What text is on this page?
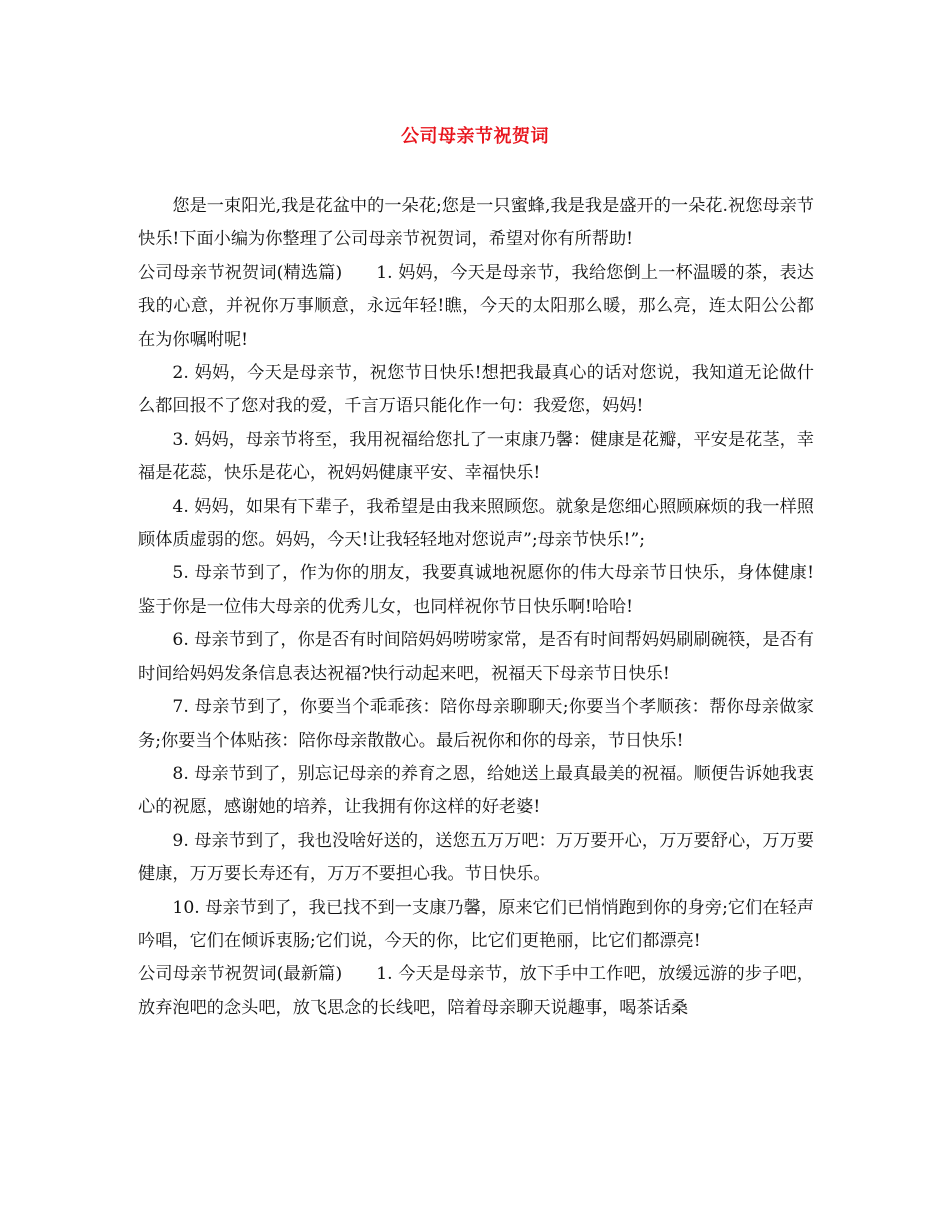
公司母亲节祝贺词

您是一束阳光,我是花盆中的一朵花;您是一只蜜蜂,我是我是盛开的一朵花.祝您母亲节快乐!下面小编为你整理了公司母亲节祝贺词，希望对你有所帮助!

公司母亲节祝贺词(精选篇) 1. 妈妈，今天是母亲节，我给您倒上一杯温暖的茶，表达我的心意，并祝你万事顺意，永远年轻!瞧，今天的太阳那么暖，那么亮，连太阳公公都在为你嘱咐呢!

2. 妈妈，今天是母亲节，祝您节日快乐!想把我最真心的话对您说，我知道无论做什么都回报不了您对我的爱，千言万语只能化作一句：我爱您，妈妈!

3. 妈妈，母亲节将至，我用祝福给您扎了一束康乃馨：健康是花瓣，平安是花茎，幸福是花蕊，快乐是花心，祝妈妈健康平安、幸福快乐!

4. 妈妈，如果有下辈子，我希望是由我来照顾您。就象是您细心照顾麻烦的我一样照顾体质虚弱的您。妈妈，今天!让我轻轻地对您说声”;母亲节快乐!”;

5. 母亲节到了，作为你的朋友，我要真诚地祝愿你的伟大母亲节日快乐，身体健康!鉴于你是一位伟大母亲的优秀儿女，也同样祝你节日快乐啊!哈哈!

6. 母亲节到了，你是否有时间陪妈妈唠唠家常，是否有时间帮妈妈刷刷碗筷，是否有时间给妈妈发条信息表达祝福?快行动起来吧，祝福天下母亲节日快乐!

7. 母亲节到了，你要当个乖乖孩：陪你母亲聊聊天;你要当个孝顺孩：帮你母亲做家务;你要当个体贴孩：陪你母亲散散心。最后祝你和你的母亲，节日快乐!

8. 母亲节到了，别忘记母亲的养育之恩，给她送上最真最美的祝福。顺便告诉她我衷心的祝愿，感谢她的培养，让我拥有你这样的好老婆!

9. 母亲节到了，我也没啥好送的，送您五万万吧：万万要开心，万万要舒心，万万要健康，万万要长寿还有，万万不要担心我。节日快乐。

10. 母亲节到了，我已找不到一支康乃馨，原来它们已悄悄跑到你的身旁;它们在轻声吟唱，它们在倾诉衷肠;它们说，今天的你，比它们更艳丽，比它们都漂亮!

公司母亲节祝贺词(最新篇) 1. 今天是母亲节，放下手中工作吧，放缓远游的步子吧，放弃泡吧的念头吧，放飞思念的长线吧，陪着母亲聊天说趣事，喝茶话桑
